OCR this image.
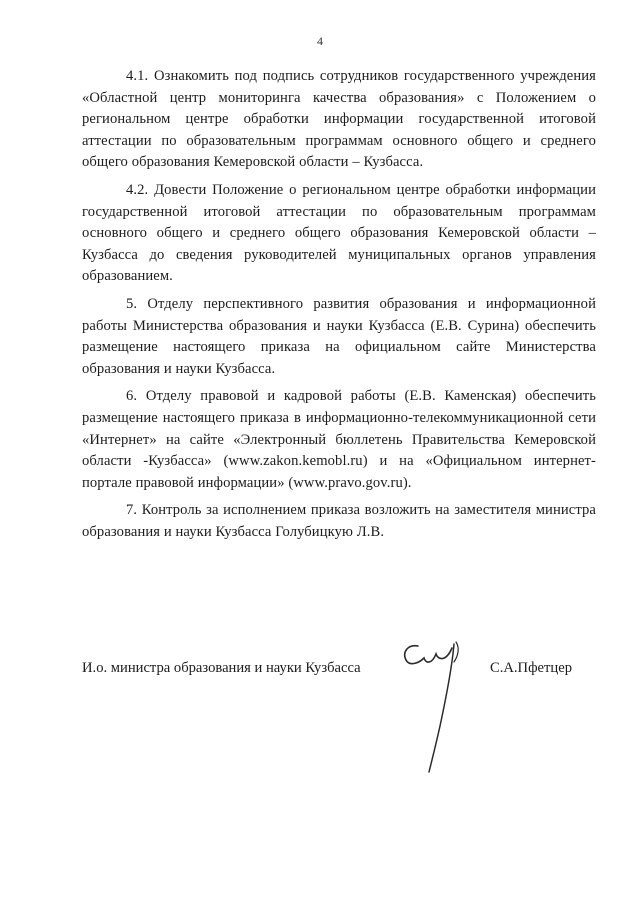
4

4.1. Ознакомить под подпись сотрудников государственного учреждения «Областной центр мониторинга качества образования» с Положением о региональном центре обработки информации государственной итоговой аттестации по образовательным программам основного общего и среднего общего образования Кемеровской области – Кузбасса.

4.2. Довести Положение о региональном центре обработки информации государственной итоговой аттестации по образовательным программам основного общего и среднего общего образования Кемеровской области – Кузбасса до сведения руководителей муниципальных органов управления образованием.

5. Отделу перспективного развития образования и информационной работы Министерства образования и науки Кузбасса (Е.В. Сурина) обеспечить размещение настоящего приказа на официальном сайте Министерства образования и науки Кузбасса.

6. Отделу правовой и кадровой работы (Е.В. Каменская) обеспечить размещение настоящего приказа в информационно-телекоммуникационной сети «Интернет» на сайте «Электронный бюллетень Правительства Кемеровской области -Кузбасса» (www.zakon.kemobl.ru) и на «Официальном интернет-портале правовой информации» (www.pravo.gov.ru).

7. Контроль за исполнением приказа возложить на заместителя министра образования и науки Кузбасса Голубицкую Л.В.

И.о. министра образования и науки Кузбасса	С.А.Пфетцер
